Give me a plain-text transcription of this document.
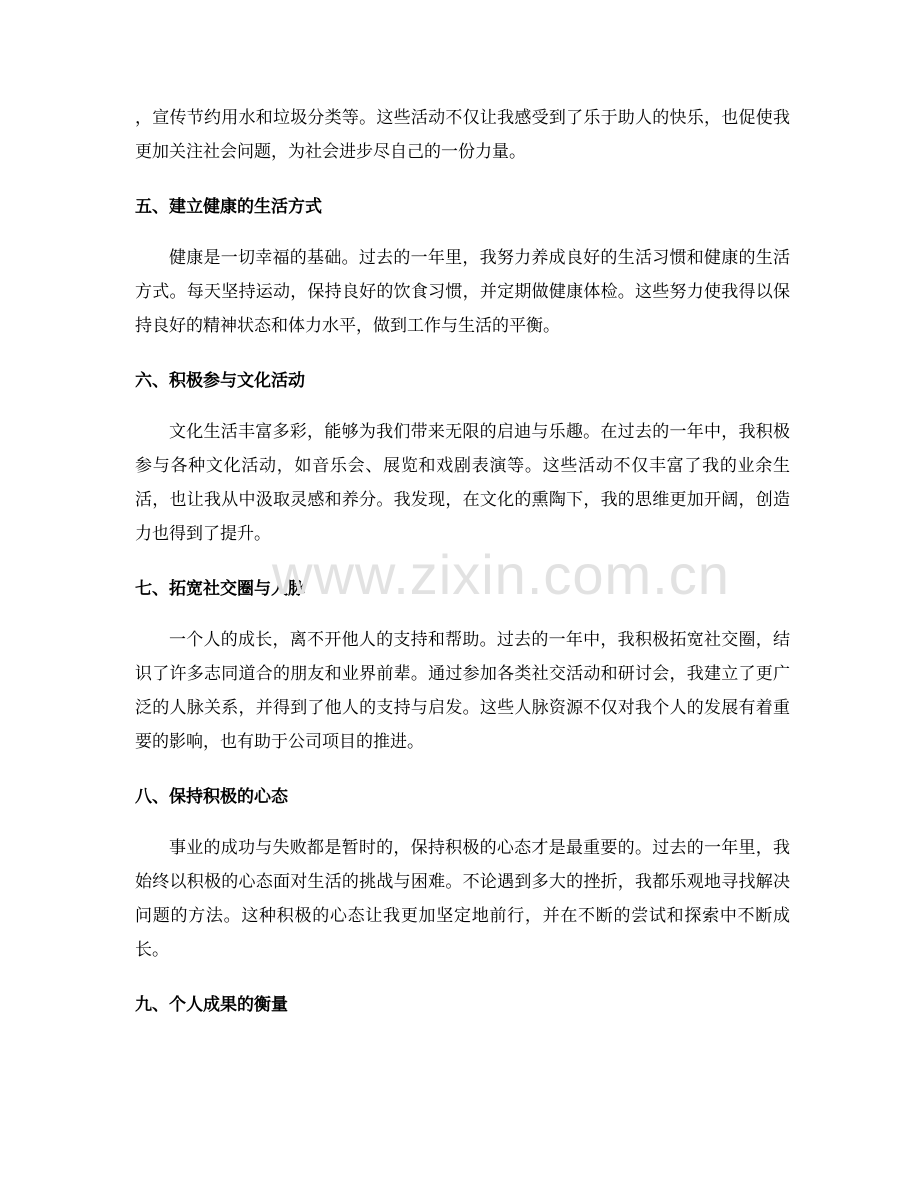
，宣传节约用水和垃圾分类等。这些活动不仅让我感受到了乐于助人的快乐，也促使我更加关注社会问题，为社会进步尽自己的一份力量。

五、建立健康的生活方式

健康是一切幸福的基础。过去的一年里，我努力养成良好的生活习惯和健康的生活方式。每天坚持运动，保持良好的饮食习惯，并定期做健康体检。这些努力使我得以保持良好的精神状态和体力水平，做到工作与生活的平衡。

六、积极参与文化活动

文化生活丰富多彩，能够为我们带来无限的启迪与乐趣。在过去的一年中，我积极参与各种文化活动，如音乐会、展览和戏剧表演等。这些活动不仅丰富了我的业余生活，也让我从中汲取灵感和养分。我发现，在文化的熏陶下，我的思维更加开阔，创造力也得到了提升。

七、拓宽社交圈与人脉

一个人的成长，离不开他人的支持和帮助。过去的一年中，我积极拓宽社交圈，结识了许多志同道合的朋友和业界前辈。通过参加各类社交活动和研讨会，我建立了更广泛的人脉关系，并得到了他人的支持与启发。这些人脉资源不仅对我个人的发展有着重要的影响，也有助于公司项目的推进。

八、保持积极的心态

事业的成功与失败都是暂时的，保持积极的心态才是最重要的。过去的一年里，我始终以积极的心态面对生活的挑战与困难。不论遇到多大的挫折，我都乐观地寻找解决问题的方法。这种积极的心态让我更加坚定地前行，并在不断的尝试和探索中不断成长。

九、个人成果的衡量
www.zixin.com.cn
